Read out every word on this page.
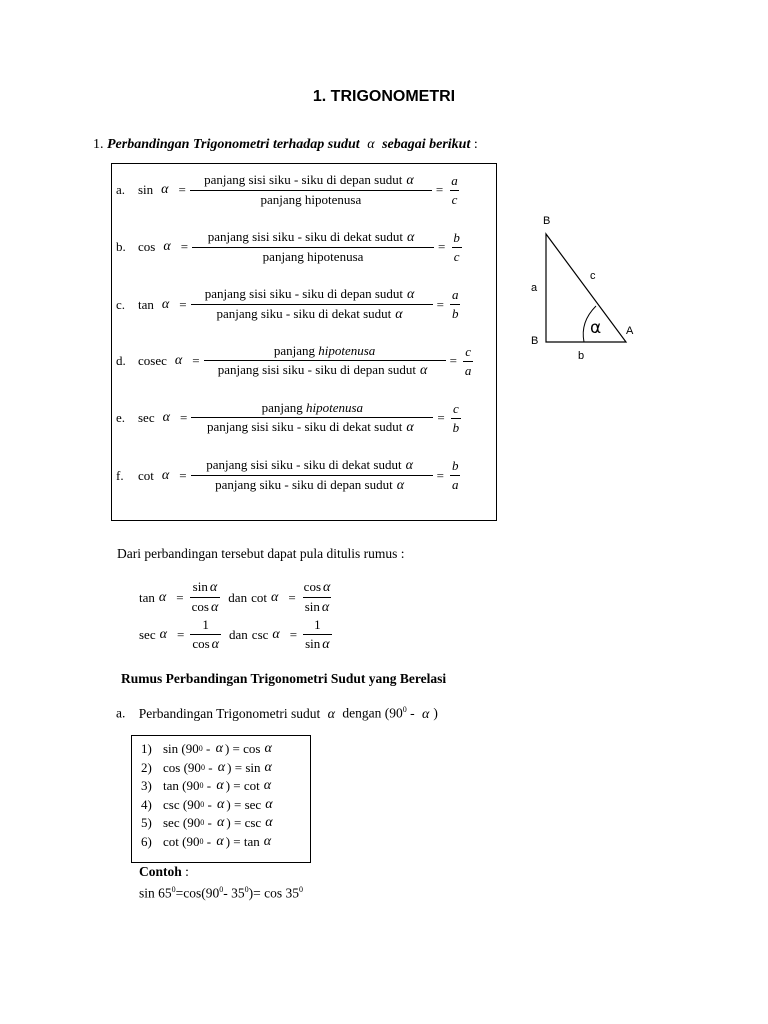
1. TRIGONOMETRI
1. Perbandingan Trigonometri terhadap sudut α sebagai berikut :
a. $\sin \alpha = \frac{\text{panjang sisi siku - siku di depan sudut α}}{\text{panjang hipotenusa}} = \frac{a}{c}$
b. $\cos \alpha = \frac{\text{panjang sisi siku - siku di dekat sudut α}}{\text{panjang hipotenusa}} = \frac{b}{c}$
c. $\tan \alpha = \frac{\text{panjang sisi siku - siku di depan sudut α}}{\text{panjang siku - siku di dekat sudut α}} = \frac{a}{b}$
d. cosec $\alpha = \frac{\text{panjang hipotenusa}}{\text{panjang sisi siku - siku di depan sudut α}} = \frac{c}{a}$
e. $\sec \alpha = \frac{\text{panjang hipotenusa}}{\text{panjang sisi siku - siku di dekat sudut α}} = \frac{c}{b}$
f.	$\cot \alpha = \frac{\text{panjang sisi siku - siku di dekat sudut α}}{\text{panjang siku - siku di depan sudut α}} = \frac{b}{a}$
B
a
c
B
A
b
α
Dari perbandingan tersebut dapat pula ditulis rumus :
$\tan \alpha = \frac{\text{sin α}}{\text{cos α}}$ dan $\cot \alpha = \frac{\text{cos α}}{\text{sin α}}$
$\sec \alpha = \frac{1}{\text{cos α}}$ dan $\csc \alpha = \frac{1}{\text{sin α}}$
Rumus Perbandingan Trigonometri Sudut yang Berelasi
a. Perbandingan Trigonometri sudut α dengan ($90^0$ - α )
1) sin
(90 0
-
α ) =
cos α
2) cos
(90 0
-
α ) =
sin α
3) tan
(90 0
-
α ) =
cot α
4) csc
(90 0
-
α ) =
sec α
5) sec
(90 0
-
α ) =
csc α
6) cot
(90 0
-
α ) =
tan α
Contoh :
$\sin 65^0=\cos(90^0-$ $35^0)= \cos 35^0$
